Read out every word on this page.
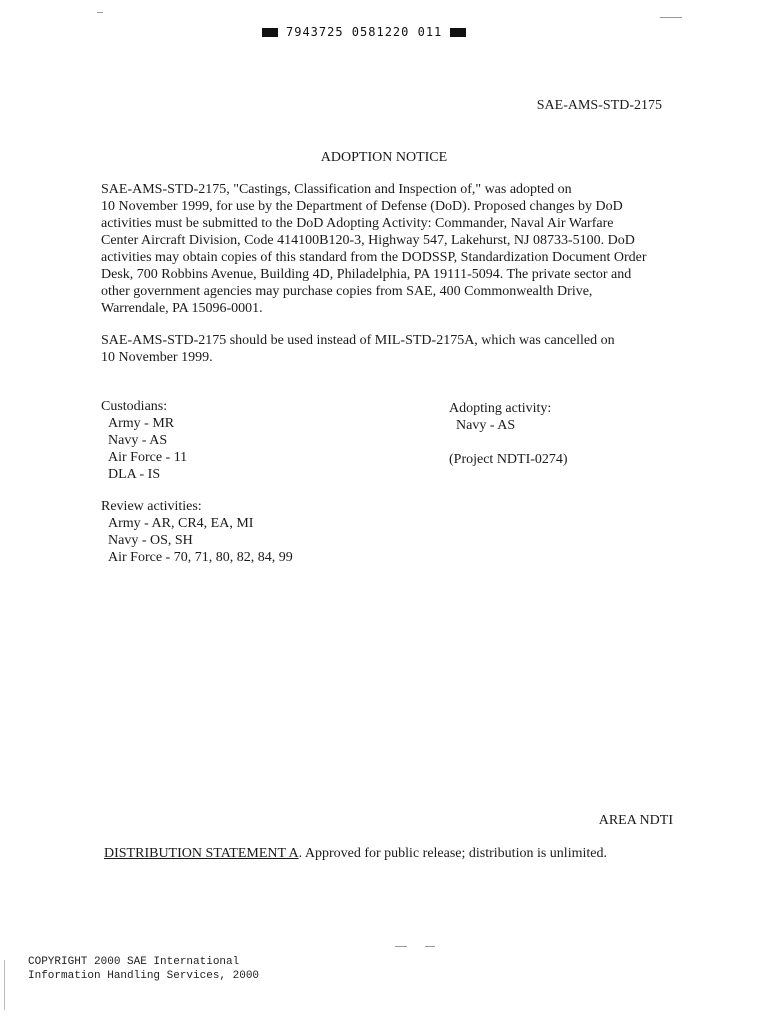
7943725 0581220 011
SAE-AMS-STD-2175
ADOPTION NOTICE
SAE-AMS-STD-2175, "Castings, Classification and Inspection of," was adopted on
10 November 1999, for use by the Department of Defense (DoD). Proposed changes by DoD
activities must be submitted to the DoD Adopting Activity: Commander, Naval Air Warfare
Center Aircraft Division, Code 414100B120-3, Highway 547, Lakehurst, NJ 08733-5100. DoD
activities may obtain copies of this standard from the DODSSP, Standardization Document Order
Desk, 700 Robbins Avenue, Building 4D, Philadelphia, PA 19111-5094. The private sector and
other government agencies may purchase copies from SAE, 400 Commonwealth Drive,
Warrendale, PA 15096-0001.
SAE-AMS-STD-2175 should be used instead of MIL-STD-2175A, which was cancelled on
10 November 1999.
Custodians:
Army - MR
Navy - AS
Air Force - 11
DLA - IS
Review activities:
Army - AR, CR4, EA, MI
Navy - OS, SH
Air Force - 70, 71, 80, 82, 84, 99
Adopting activity:
Navy - AS
(Project NDTI-0274)
AREA NDTI
DISTRIBUTION STATEMENT A. Approved for public release; distribution is unlimited.
COPYRIGHT 2000 SAE International
Information Handling Services, 2000
